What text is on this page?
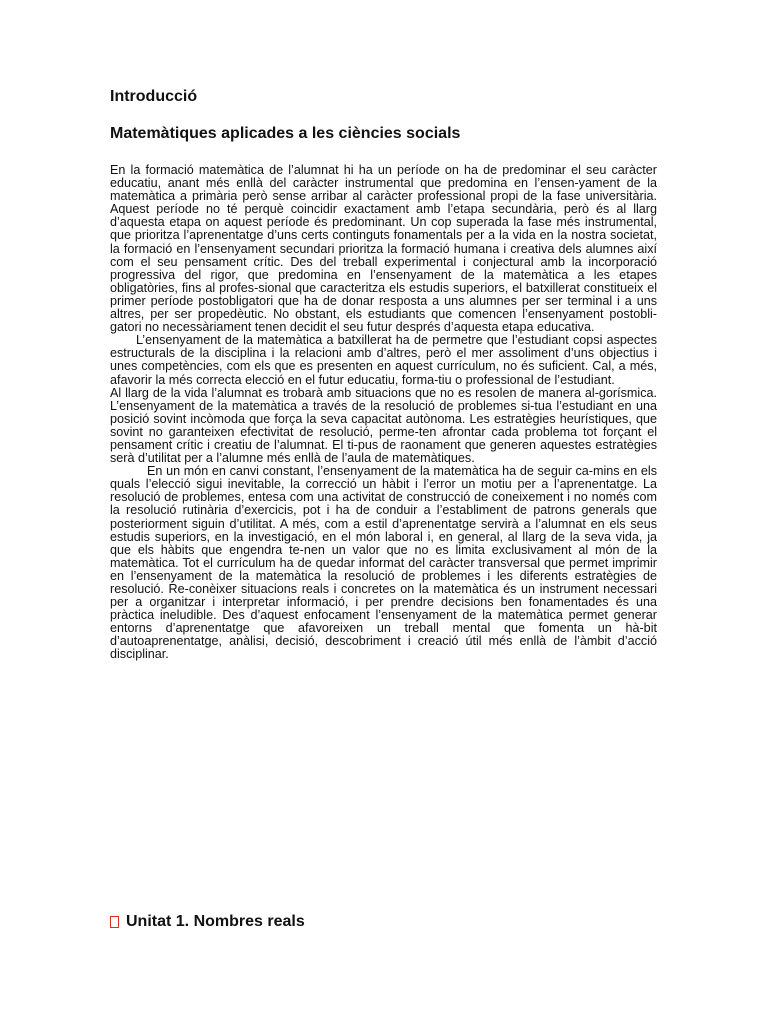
Introducció
Matemàtiques aplicades a les ciències socials

En la formació matemàtica de l’alumnat hi ha un període on ha de predominar el seu caràcter educatiu, anant més enllà del caràcter instrumental que predomina en l’ensen-yament de la matemàtica a primària però sense arribar al caràcter professional propi de la fase universitària. Aquest període no té perquè coincidir exactament amb l’etapa secundària, però és al llarg d’aquesta etapa on aquest període és predominant. Un cop superada la fase més instrumental, que prioritza l’aprenentatge d’uns certs continguts fonamentals per a la vida en la nostra societat, la formació en l’ensenyament secundari prioritza la formació humana i creativa dels alumnes així com el seu pensament crític. Des del treball experimental i conjectural amb la incorporació progressiva del rigor, que predomina en l’ensenyament de la matemàtica a les etapes obligatòries, fins al profes-sional que caracteritza els estudis superiors, el batxillerat constitueix el primer període postobligatori que ha de donar resposta a uns alumnes per ser terminal i a uns altres, per ser propedèutic. No obstant, els estudiants que comencen l’ensenyament postobli-gatori no necessàriament tenen decidit el seu futur després d’aquesta etapa educativa.

L’ensenyament de la matemàtica a batxillerat ha de permetre que l’estudiant copsi aspectes estructurals de la disciplina i la relacioni amb d’altres, però el mer assoliment d’uns objectius i unes competències, com els que es presenten en aquest currículum, no és suficient. Cal, a més, afavorir la més correcta elecció en el futur educatiu, forma-tiu o professional de l’estudiant.

Al llarg de la vida l’alumnat es trobarà amb situacions que no es resolen de manera al-gorísmica. L’ensenyament de la matemàtica a través de la resolució de problemes si-tua l’estudiant en una posició sovint incòmoda que força la seva capacitat autònoma. Les estratègies heurístiques, que sovint no garanteixen efectivitat de resolució, perme-ten afrontar cada problema tot forçant el pensament crític i creatiu de l’alumnat. El ti-pus de raonament que generen aquestes estratègies serà d’utilitat per a l’alumne més enllà de l’aula de matemàtiques.

En un món en canvi constant, l’ensenyament de la matemàtica ha de seguir ca-mins en els quals l’elecció sigui inevitable, la correcció un hàbit i l’error un motiu per a l’aprenentatge. La resolució de problemes, entesa com una activitat de construcció de coneixement i no només com la resolució rutinària d’exercicis, pot i ha de conduir a l’establiment de patrons generals que posteriorment siguin d’utilitat. A més, com a estil d’aprenentatge servirà a l’alumnat en els seus estudis superiors, en la investigació, en el món laboral i, en general, al llarg de la seva vida, ja que els hàbits que engendra te-nen un valor que no es limita exclusivament al món de la matemàtica. Tot el currículum ha de quedar informat del caràcter transversal que permet imprimir en l’ensenyament de la matemàtica la resolució de problemes i les diferents estratègies de resolució. Re-conèixer situacions reals i concretes on la matemàtica és un instrument necessari per a organitzar i interpretar informació, i per prendre decisions ben fonamentades és una pràctica ineludible. Des d’aquest enfocament l’ensenyament de la matemàtica permet generar entorns d’aprenentatge que afavoreixen un treball mental que fomenta un hà-bit d’autoaprenentatge, anàlisi, decisió, descobriment i creació útil més enllà de l’àmbit d’acció disciplinar.

Unitat 1. Nombres reals
